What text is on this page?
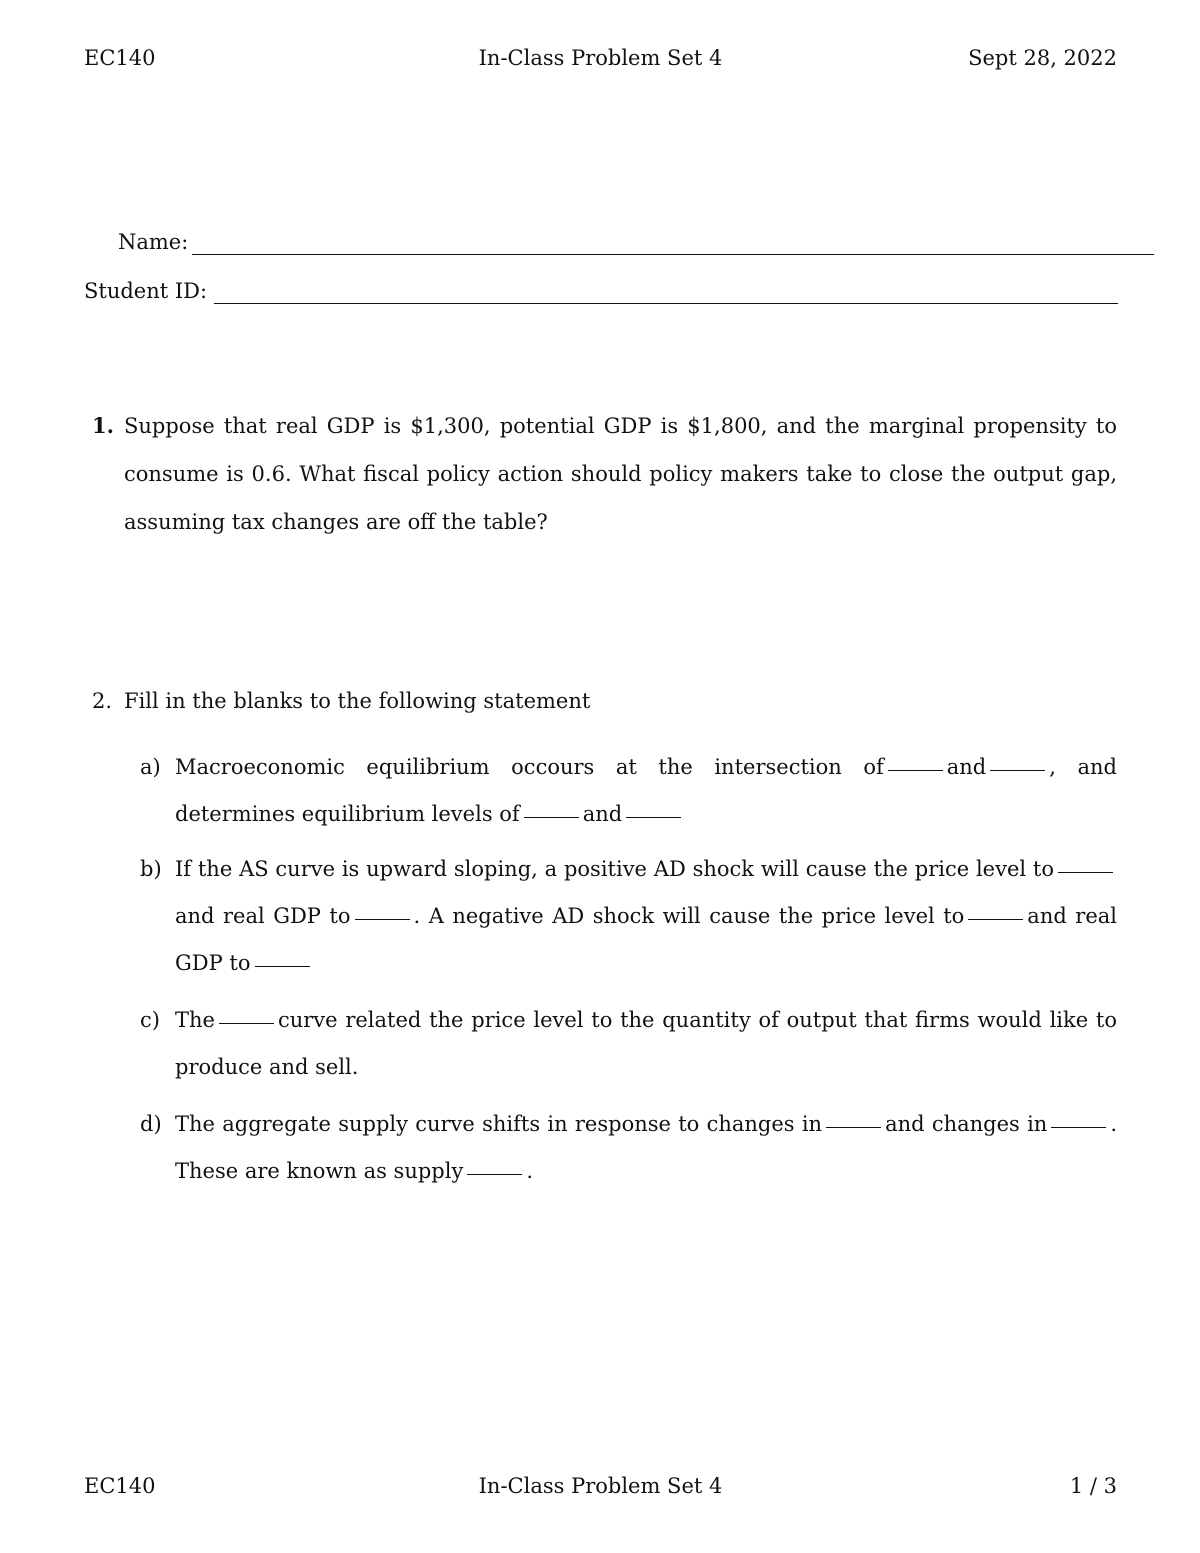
EC140	In-Class Problem Set 4	Sept 28, 2022
Name:
Student ID:
1. Suppose that real GDP is $1,300, potential GDP is $1,800, and the marginal propensity to consume is 0.6. What fiscal policy action should policy makers take to close the output gap, assuming tax changes are off the table?
2. Fill in the blanks to the following statement
a) Macroeconomic equilibrium occours at the intersection of	and	, and determines equilibrium levels of	and
b) If the AS curve is upward sloping, a positive AD shock will cause the price level toand real GDP to	. A negative AD shock will cause the price level to	and real GDP to
c) The	curve related the price level to the quantity of output that firms would like to produce and sell.
d) The aggregate supply curve shifts in response to changes in	and changes in	. These are known as supply	.
EC140	In-Class Problem Set 4	1 / 3
